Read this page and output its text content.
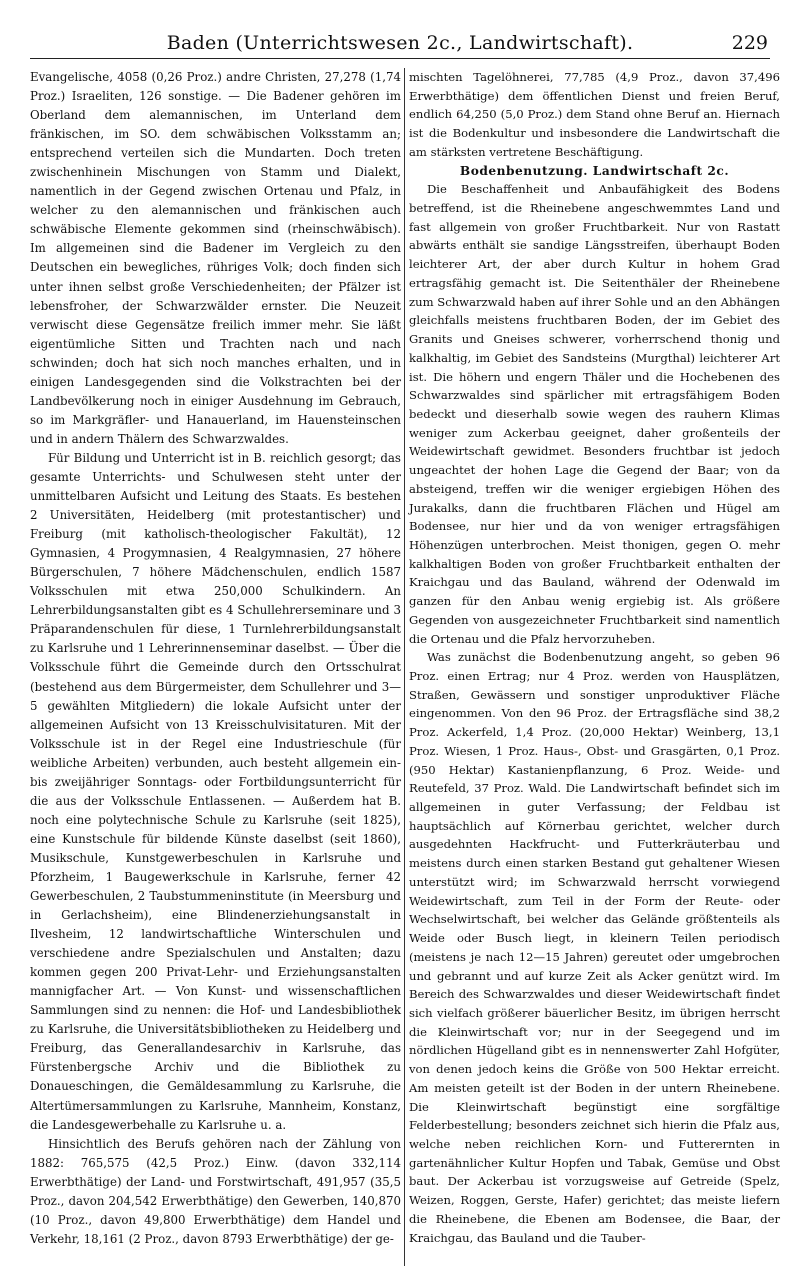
Baden (Unterrichtswesen 2c., Landwirtschaft).	229

Evangelische, 4058 (0,26 Proz.) andre Christen, 27,278 (1,74 Proz.) Israeliten, 126 sonstige. — Die Badener gehören im Oberland dem alemannischen, im Unterland dem fränkischen, im SO. dem schwäbischen Volksstamm an; entsprechend verteilen sich die Mundarten. Doch treten zwischenhinein Mischungen von Stamm und Dialekt, namentlich in der Gegend zwischen Ortenau und Pfalz, in welcher zu den alemannischen und fränkischen auch schwäbische Elemente gekommen sind (rheinschwäbisch). Im allgemeinen sind die Badener im Vergleich zu den Deutschen ein bewegliches, rühriges Volk; doch finden sich unter ihnen selbst große Verschiedenheiten; der Pfälzer ist lebensfroher, der Schwarzwälder ernster. Die Neuzeit verwischt diese Gegensätze freilich immer mehr. Sie läßt eigentümliche Sitten und Trachten nach und nach schwinden; doch hat sich noch manches erhalten, und in einigen Landesgegenden sind die Volkstrachten bei der Landbevölkerung noch in einiger Ausdehnung im Gebrauch, so im Markgräfler- und Hanauerland, im Hauensteinschen und in andern Thälern des Schwarzwaldes.

Für Bildung und Unterricht ist in B. reichlich gesorgt; das gesamte Unterrichts- und Schulwesen steht unter der unmittelbaren Aufsicht und Leitung des Staats. Es bestehen 2 Universitäten, Heidelberg (mit protestantischer) und Freiburg (mit katholisch-theologischer Fakultät), 12 Gymnasien, 4 Progymnasien, 4 Realgymnasien, 27 höhere Bürgerschulen, 7 höhere Mädchenschulen, endlich 1587 Volksschulen mit etwa 250,000 Schulkindern. An Lehrerbildungsanstalten gibt es 4 Schullehrerseminare und 3 Präparandenschulen für diese, 1 Turnlehrerbildungsanstalt zu Karlsruhe und 1 Lehrerinnenseminar daselbst. — Über die Volksschule führt die Gemeinde durch den Ortsschulrat (bestehend aus dem Bürgermeister, dem Schullehrer und 3—5 gewählten Mitgliedern) die lokale Aufsicht unter der allgemeinen Aufsicht von 13 Kreisschulvisitaturen. Mit der Volksschule ist in der Regel eine Industrieschule (für weibliche Arbeiten) verbunden, auch besteht allgemein ein- bis zweijähriger Sonntags- oder Fortbildungsunterricht für die aus der Volksschule Entlassenen. — Außerdem hat B. noch eine polytechnische Schule zu Karlsruhe (seit 1825), eine Kunstschule für bildende Künste daselbst (seit 1860), Musikschule, Kunstgewerbeschulen in Karlsruhe und Pforzheim, 1 Baugewerkschule in Karlsruhe, ferner 42 Gewerbeschulen, 2 Taubstummeninstitute (in Meersburg und in Gerlachsheim), eine Blindenerziehungsanstalt in Ilvesheim, 12 landwirtschaftliche Winterschulen und verschiedene andre Spezialschulen und Anstalten; dazu kommen gegen 200 Privat-Lehr- und Erziehungsanstalten mannigfacher Art. — Von Kunst- und wissenschaftlichen Sammlungen sind zu nennen: die Hof- und Landesbibliothek zu Karlsruhe, die Universitätsbibliotheken zu Heidelberg und Freiburg, das Generallandesarchiv in Karlsruhe, das Fürstenbergsche Archiv und die Bibliothek zu Donaueschingen, die Gemäldesammlung zu Karlsruhe, die Altertümersammlungen zu Karlsruhe, Mannheim, Konstanz, die Landesgewerbehalle zu Karlsruhe u. a.

Hinsichtlich des Berufs gehören nach der Zählung von 1882: 765,575 (42,5 Proz.) Einw. (davon 332,114 Erwerbthätige) der Land- und Forstwirtschaft, 491,957 (35,5 Proz., davon 204,542 Erwerbthätige) den Gewerben, 140,870 (10 Proz., davon 49,800 Erwerbthätige) dem Handel und Verkehr, 18,161 (2 Proz., davon 8793 Erwerbthätige) der ge-

mischten Tagelöhnerei, 77,785 (4,9 Proz., davon 37,496 Erwerbthätige) dem öffentlichen Dienst und freien Beruf, endlich 64,250 (5,0 Proz.) dem Stand ohne Beruf an. Hiernach ist die Bodenkultur und insbesondere die Landwirtschaft die am stärksten vertretene Beschäftigung.

Bodenbenutzung. Landwirtschaft 2c.

Die Beschaffenheit und Anbaufähigkeit des Bodens betreffend, ist die Rheinebene angeschwemmtes Land und fast allgemein von großer Fruchtbarkeit. Nur von Rastatt abwärts enthält sie sandige Längsstreifen, überhaupt Boden leichterer Art, der aber durch Kultur in hohem Grad ertragsfähig gemacht ist. Die Seitenthäler der Rheinebene zum Schwarzwald haben auf ihrer Sohle und an den Abhängen gleichfalls meistens fruchtbaren Boden, der im Gebiet des Granits und Gneises schwerer, vorherrschend thonig und kalkhaltig, im Gebiet des Sandsteins (Murgthal) leichterer Art ist. Die höhern und engern Thäler und die Hochebenen des Schwarzwaldes sind spärlicher mit ertragsfähigem Boden bedeckt und dieserhalb sowie wegen des rauhern Klimas weniger zum Ackerbau geeignet, daher großenteils der Weidewirtschaft gewidmet. Besonders fruchtbar ist jedoch ungeachtet der hohen Lage die Gegend der Baar; von da absteigend, treffen wir die weniger ergiebigen Höhen des Jurakalks, dann die fruchtbaren Flächen und Hügel am Bodensee, nur hier und da von weniger ertragsfähigen Höhenzügen unterbrochen. Meist thonigen, gegen O. mehr kalkhaltigen Boden von großer Fruchtbarkeit enthalten der Kraichgau und das Bauland, während der Odenwald im ganzen für den Anbau wenig ergiebig ist. Als größere Gegenden von ausgezeichneter Fruchtbarkeit sind namentlich die Ortenau und die Pfalz hervorzuheben.

Was zunächst die Bodenbenutzung angeht, so geben 96 Proz. einen Ertrag; nur 4 Proz. werden von Hausplätzen, Straßen, Gewässern und sonstiger unproduktiver Fläche eingenommen. Von den 96 Proz. der Ertragsfläche sind 38,2 Proz. Ackerfeld, 1,4 Proz. (20,000 Hektar) Weinberg, 13,1 Proz. Wiesen, 1 Proz. Haus-, Obst- und Grasgärten, 0,1 Proz. (950 Hektar) Kastanienpflanzung, 6 Proz. Weide- und Reutefeld, 37 Proz. Wald. Die Landwirtschaft befindet sich im allgemeinen in guter Verfassung; der Feldbau ist hauptsächlich auf Körnerbau gerichtet, welcher durch ausgedehnten Hackfrucht- und Futterkräuterbau und meistens durch einen starken Bestand gut gehaltener Wiesen unterstützt wird; im Schwarzwald herrscht vorwiegend Weidewirtschaft, zum Teil in der Form der Reute- oder Wechselwirtschaft, bei welcher das Gelände größtenteils als Weide oder Busch liegt, in kleinern Teilen periodisch (meistens je nach 12—15 Jahren) gereutet oder umgebrochen und gebrannt und auf kurze Zeit als Acker genützt wird. Im Bereich des Schwarzwaldes und dieser Weidewirtschaft findet sich vielfach größerer bäuerlicher Besitz, im übrigen herrscht die Kleinwirtschaft vor; nur in der Seegegend und im nördlichen Hügelland gibt es in nennenswerter Zahl Hofgüter, von denen jedoch keins die Größe von 500 Hektar erreicht. Am meisten geteilt ist der Boden in der untern Rheinebene. Die Kleinwirtschaft begünstigt eine sorgfältige Felderbestellung; besonders zeichnet sich hierin die Pfalz aus, welche neben reichlichen Korn- und Futterernten in gartenähnlicher Kultur Hopfen und Tabak, Gemüse und Obst baut. Der Ackerbau ist vorzugsweise auf Getreide (Spelz, Weizen, Roggen, Gerste, Hafer) gerichtet; das meiste liefern die Rheinebene, die Ebenen am Bodensee, die Baar, der Kraichgau, das Bauland und die Tauber-
